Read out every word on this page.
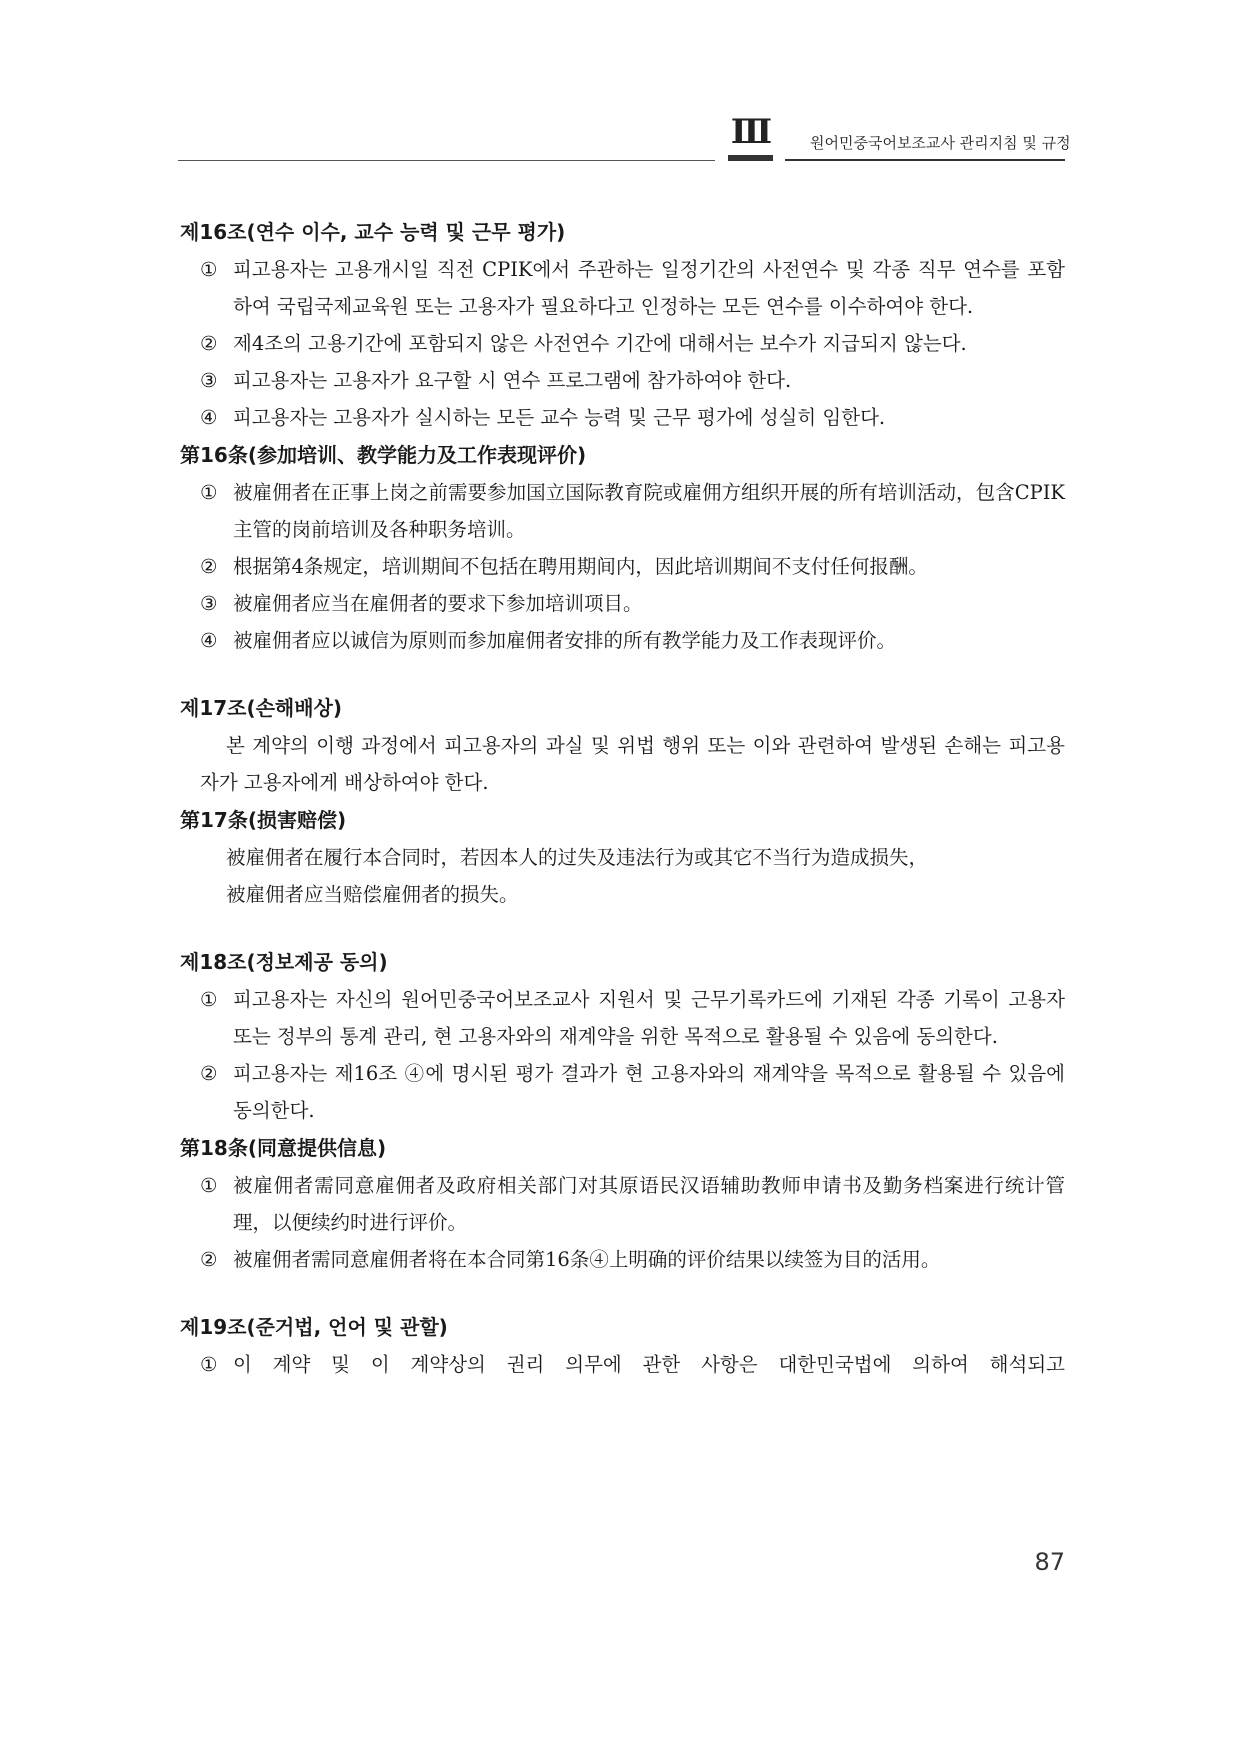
Ⅲ	원어민중국어보조교사 관리지침 및 규정
제16조(연수 이수, 교수 능력 및 근무 평가)
① 피고용자는 고용개시일 직전 CPIK에서 주관하는 일정기간의 사전연수 및 각종 직무 연수를 포함하여 국립국제교육원 또는 고용자가 필요하다고 인정하는 모든 연수를 이수하여야 한다.
② 제4조의 고용기간에 포함되지 않은 사전연수 기간에 대해서는 보수가 지급되지 않는다.
③ 피고용자는 고용자가 요구할 시 연수 프로그램에 참가하여야 한다.
④ 피고용자는 고용자가 실시하는 모든 교수 능력 및 근무 평가에 성실히 임한다.
第16条(参加培训、教学能力及工作表现评价)
① 被雇佣者在正事上岗之前需要参加国立国际教育院或雇佣方组织开展的所有培训活动，包含CPIK主管的岗前培训及各种职务培训。
② 根据第4条规定，培训期间不包括在聘用期间内，因此培训期间不支付任何报酬。
③ 被雇佣者应当在雇佣者的要求下参加培训项目。
④ 被雇佣者应以诚信为原则而参加雇佣者安排的所有教学能力及工作表现评价。
제17조(손해배상)
본 계약의 이행 과정에서 피고용자의 과실 및 위법 행위 또는 이와 관련하여 발생된 손해는 피고용자가 고용자에게 배상하여야 한다.
第17条(损害赔偿)
被雇佣者在履行本合同时，若因本人的过失及违法行为或其它不当行为造成损失，
被雇佣者应当赔偿雇佣者的损失。
제18조(정보제공 동의)
① 피고용자는 자신의 원어민중국어보조교사 지원서 및 근무기록카드에 기재된 각종 기록이 고용자 또는 정부의 통계 관리, 현 고용자와의 재계약을 위한 목적으로 활용될 수 있음에 동의한다.
② 피고용자는 제16조 ④에 명시된 평가 결과가 현 고용자와의 재계약을 목적으로 활용될 수 있음에 동의한다.
第18条(同意提供信息)
① 被雇佣者需同意雇佣者及政府相关部门对其原语民汉语辅助教师申请书及勤务档案进行统计管理，以便续约时进行评价。
② 被雇佣者需同意雇佣者将在本合同第16条④上明确的评价结果以续签为目的活用。
제19조(준거법, 언어 및 관할)
① 이 계약 및 이 계약상의 권리 의무에 관한 사항은 대한민국법에 의하여 해석되고
87
